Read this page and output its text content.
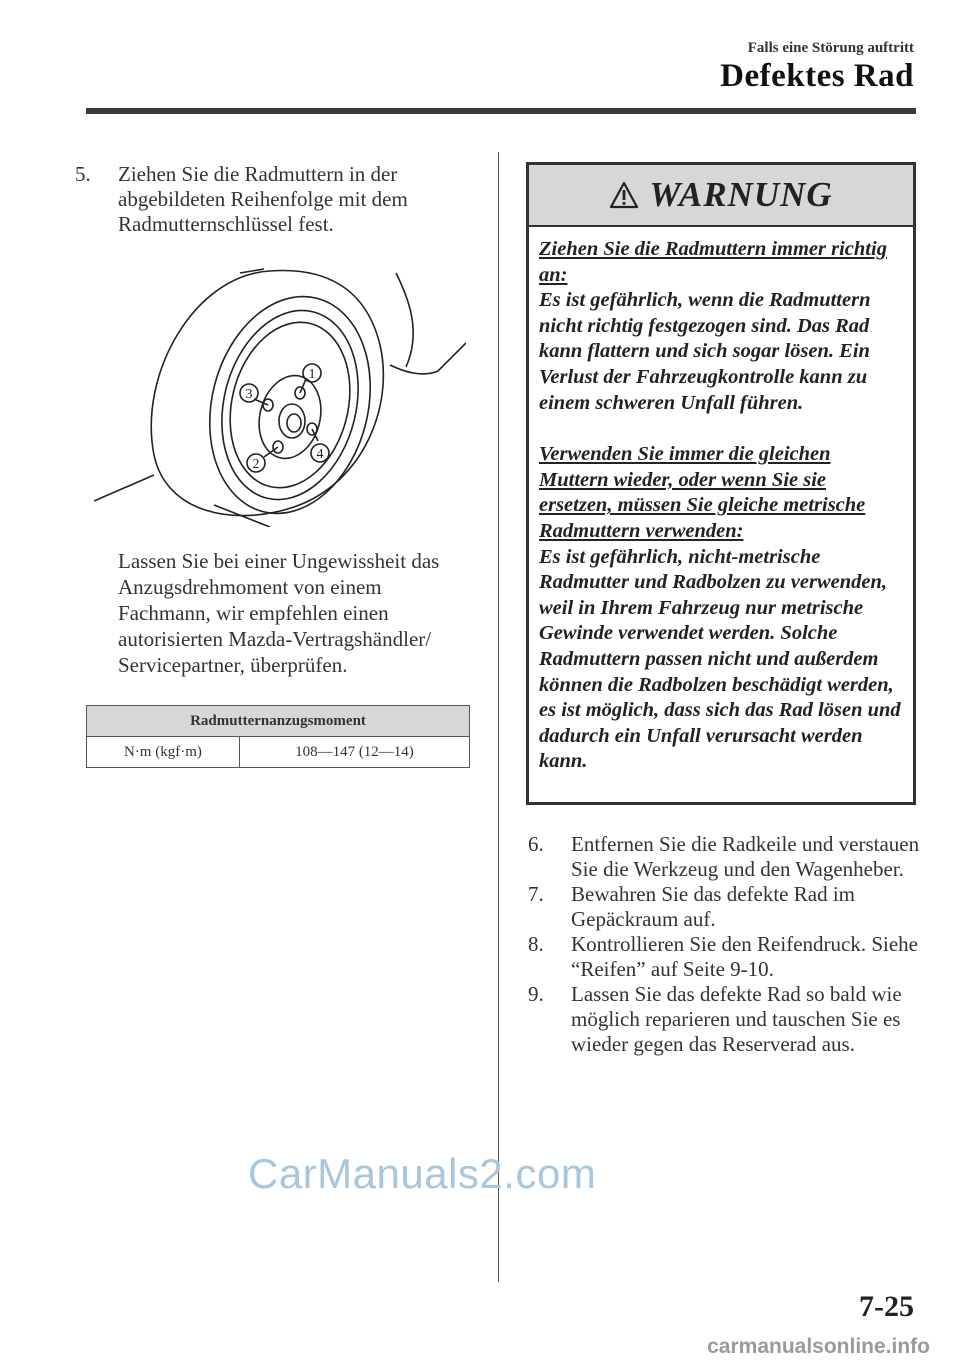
Falls eine Störung auftritt
Defektes Rad
5. Ziehen Sie die Radmuttern in der abgebildeten Reihenfolge mit dem Radmutternschlüssel fest.
1
2
3
4
Lassen Sie bei einer Ungewissheit das Anzugsdrehmoment von einem Fachmann, wir empfehlen einen autorisierten Mazda-Vertragshändler/ Servicepartner, überprüfen.
Radmutternanzugsmoment
N·m (kgf·m)	108—147 (12—14)
WARNUNG
Ziehen Sie die Radmuttern immer richtig an:
Es ist gefährlich, wenn die Radmuttern nicht richtig festgezogen sind. Das Rad kann flattern und sich sogar lösen. Ein Verlust der Fahrzeugkontrolle kann zu einem schweren Unfall führen.
Verwenden Sie immer die gleichen Muttern wieder, oder wenn Sie sie ersetzen, müssen Sie gleiche metrische Radmuttern verwenden:
Es ist gefährlich, nicht-metrische Radmutter und Radbolzen zu verwenden, weil in Ihrem Fahrzeug nur metrische Gewinde verwendet werden. Solche Radmuttern passen nicht und außerdem können die Radbolzen beschädigt werden, es ist möglich, dass sich das Rad lösen und dadurch ein Unfall verursacht werden kann.
6. Entfernen Sie die Radkeile und verstauen Sie die Werkzeug und den Wagenheber.
7. Bewahren Sie das defekte Rad im Gepäckraum auf.
8. Kontrollieren Sie den Reifendruck. Siehe “Reifen” auf Seite 9-10.
9. Lassen Sie das defekte Rad so bald wie möglich reparieren und tauschen Sie es wieder gegen das Reserverad aus.
CarManuals2.com
7-25
carmanualsonline.info
